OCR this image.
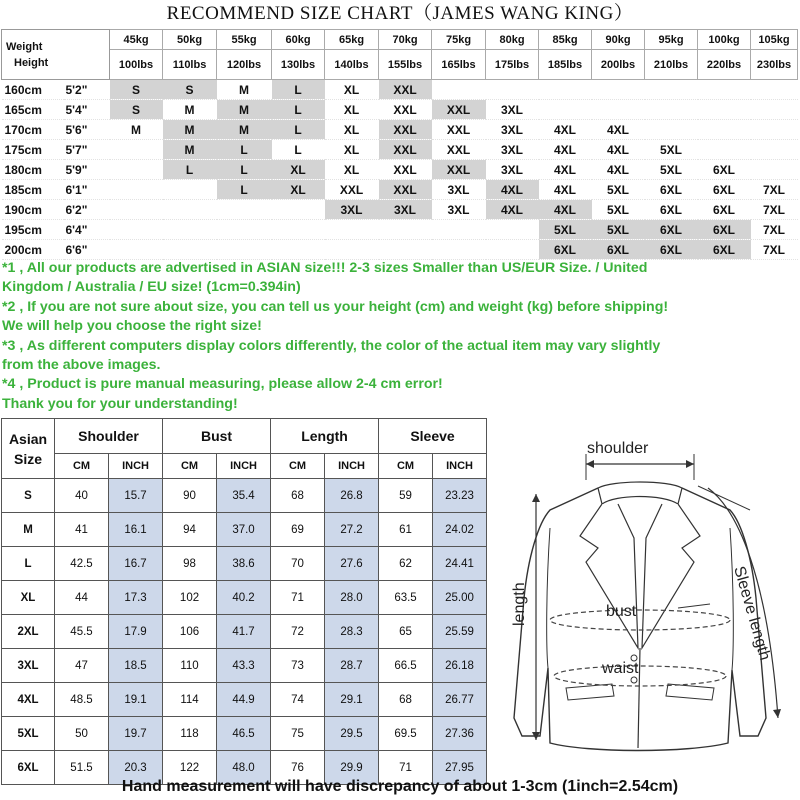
RECOMMEND SIZE CHART（JAMES WANG KING）
Weight
Height		45kg	50kg	55kg	60kg	65kg	70kg	75kg	80kg	85kg	90kg	95kg	100kg	105kg
		100lbs	110lbs	120lbs	130lbs	140lbs	155lbs	165lbs	175lbs	185lbs	200lbs	210lbs	220lbs	230lbs
160cm	5'2"	S	S	M	L	XL	XXL							
165cm	5'4"	S	M	M	L	XL	XXL	XXL	3XL					
170cm	5'6"	M	M	M	L	XL	XXL	XXL	3XL	4XL	4XL			
175cm	5'7"		M	L	L	XL	XXL	XXL	3XL	4XL	4XL	5XL		
180cm	5'9"		L	L	XL	XL	XXL	XXL	3XL	4XL	4XL	5XL	6XL	
185cm	6'1"			L	XL	XXL	XXL	3XL	4XL	4XL	5XL	6XL	6XL	7XL
190cm	6'2"					3XL	3XL	3XL	4XL	4XL	5XL	6XL	6XL	7XL
195cm	6'4"									5XL	5XL	6XL	6XL	7XL
200cm	6'6"									6XL	6XL	6XL	6XL	7XL
*1 , All our products are advertised in ASIAN size!!! 2-3 sizes Smaller than US/EUR Size. / United
Kingdom / Australia / EU size! (1cm=0.394in)
*2 , If you are not sure about size, you can tell us your height (cm) and weight (kg) before shipping!
We will help you choose the right size!
*3 , As different computers display colors differently, the color of the actual item may vary slightly
from the above images.
*4 , Product is pure manual measuring, please allow 2-4 cm error!
Thank you for your understanding!
Asian
Size	Shoulder		Bust		Length		Sleeve	
	CM	INCH	CM	INCH	CM	INCH	CM	INCH
S	40	15.7	90	35.4	68	26.8	59	23.23
M	41	16.1	94	37.0	69	27.2	61	24.02
L	42.5	16.7	98	38.6	70	27.6	62	24.41
XL	44	17.3	102	40.2	71	28.0	63.5	25.00
2XL	45.5	17.9	106	41.7	72	28.3	65	25.59
3XL	47	18.5	110	43.3	73	28.7	66.5	26.18
4XL	48.5	19.1	114	44.9	74	29.1	68	26.77
5XL	50	19.7	118	46.5	75	29.5	69.5	27.36
6XL	51.5	20.3	122	48.0	76	29.9	71	27.95
shoulder
bust
waist
length	Sleeve length
Hand measurement will have discrepancy of about 1-3cm (1inch=2.54cm)
